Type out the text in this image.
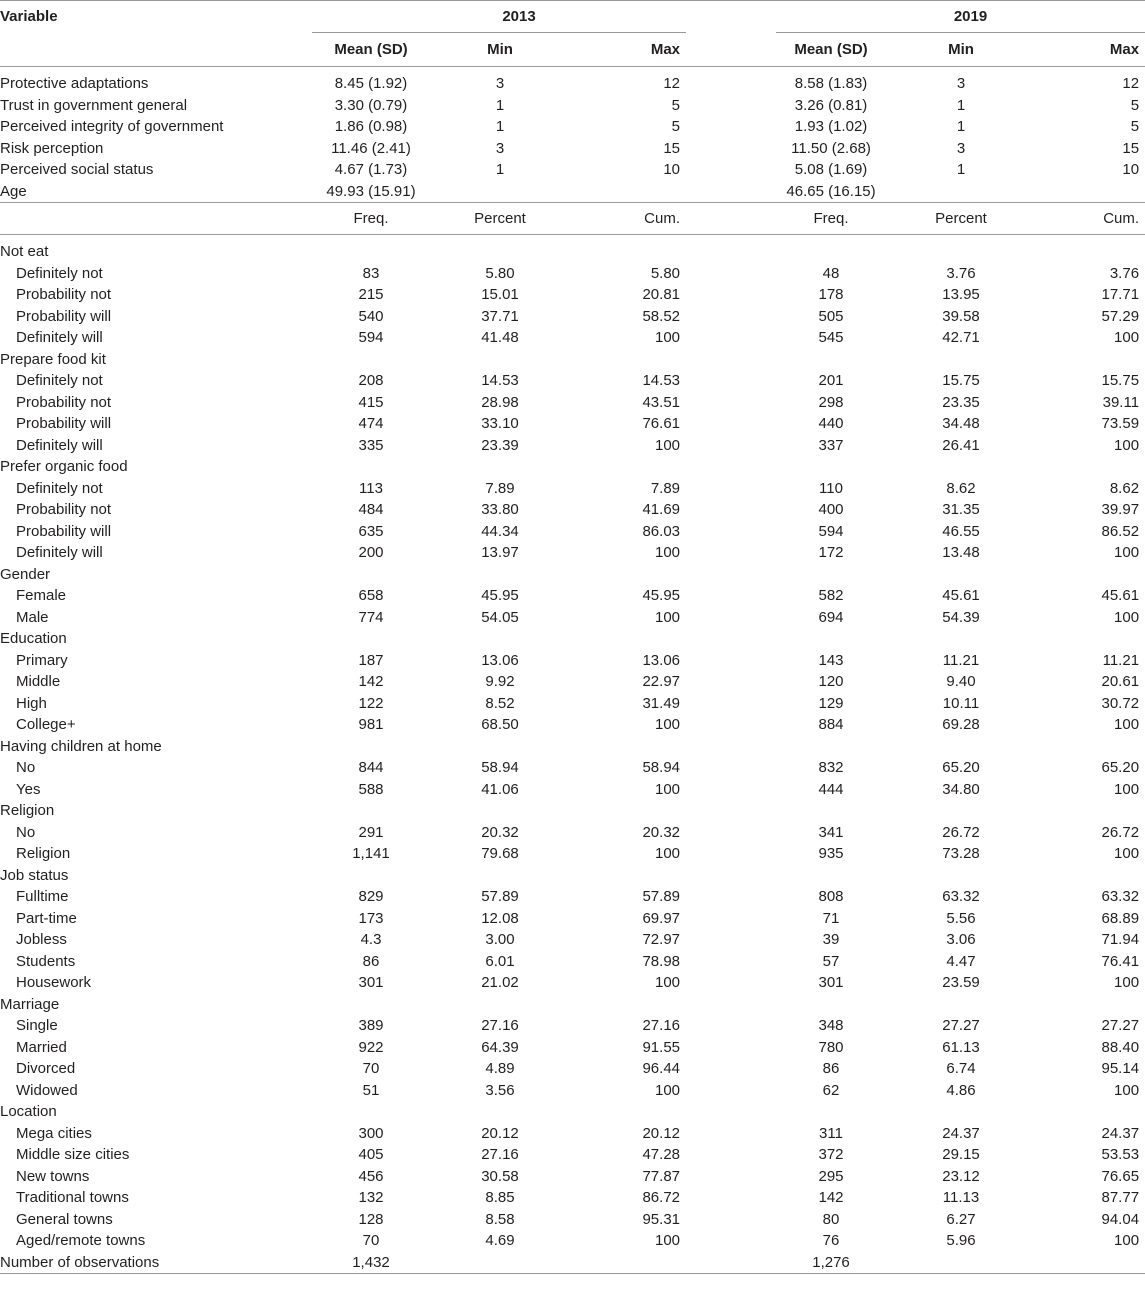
Variable	2013				2019		
	Mean (SD)	Min	Max		Mean (SD)	Min	Max

Protective adaptations	8.45 (1.92)	3	12		8.58 (1.83)	3	12
Trust in government general	3.30 (0.79)	1	5		3.26 (0.81)	1	5
Perceived integrity of government	1.86 (0.98)	1	5		1.93 (1.02)	1	5
Risk perception	11.46 (2.41)	3	15		11.50 (2.68)	3	15
Perceived social status	4.67 (1.73)	1	10		5.08 (1.69)	1	10
Age	49.93 (15.91)				46.65 (16.15)		
	Freq.	Percent	Cum.		Freq.	Percent	Cum.

Not eat							
Definitely not	83	5.80	5.80		48	3.76	3.76
Probability not	215	15.01	20.81		178	13.95	17.71
Probability will	540	37.71	58.52		505	39.58	57.29
Definitely will	594	41.48	100		545	42.71	100
Prepare food kit							
Definitely not	208	14.53	14.53		201	15.75	15.75
Probability not	415	28.98	43.51		298	23.35	39.11
Probability will	474	33.10	76.61		440	34.48	73.59
Definitely will	335	23.39	100		337	26.41	100
Prefer organic food							
Definitely not	113	7.89	7.89		110	8.62	8.62
Probability not	484	33.80	41.69		400	31.35	39.97
Probability will	635	44.34	86.03		594	46.55	86.52
Definitely will	200	13.97	100		172	13.48	100
Gender							
Female	658	45.95	45.95		582	45.61	45.61
Male	774	54.05	100		694	54.39	100
Education							
Primary	187	13.06	13.06		143	11.21	11.21
Middle	142	9.92	22.97		120	9.40	20.61
High	122	8.52	31.49		129	10.11	30.72
College+	981	68.50	100		884	69.28	100
Having children at home							
No	844	58.94	58.94		832	65.20	65.20
Yes	588	41.06	100		444	34.80	100
Religion							
No	291	20.32	20.32		341	26.72	26.72
Religion	1,141	79.68	100		935	73.28	100
Job status							
Fulltime	829	57.89	57.89		808	63.32	63.32
Part-time	173	12.08	69.97		71	5.56	68.89
Jobless	4.3	3.00	72.97		39	3.06	71.94
Students	86	6.01	78.98		57	4.47	76.41
Housework	301	21.02	100		301	23.59	100
Marriage							
Single	389	27.16	27.16		348	27.27	27.27
Married	922	64.39	91.55		780	61.13	88.40
Divorced	70	4.89	96.44		86	6.74	95.14
Widowed	51	3.56	100		62	4.86	100
Location							
Mega cities	300	20.12	20.12		311	24.37	24.37
Middle size cities	405	27.16	47.28		372	29.15	53.53
New towns	456	30.58	77.87		295	23.12	76.65
Traditional towns	132	8.85	86.72		142	11.13	87.77
General towns	128	8.58	95.31		80	6.27	94.04
Aged/remote towns	70	4.69	100		76	5.96	100
Number of observations	1,432				1,276		
